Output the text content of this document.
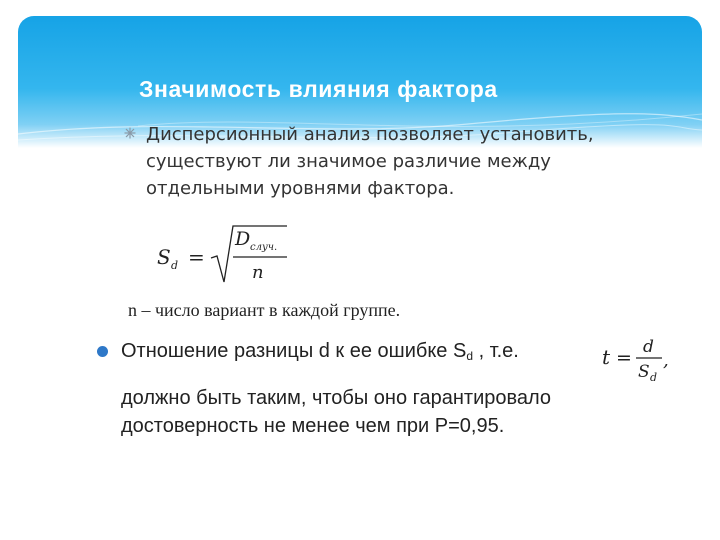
Значимость влияния фактора
Дисперсионный анализ позволяет установить, существуют ли значимое различие между отдельными уровнями фактора.
S d =
D случ.
n
n – число вариант в каждой группе.
Отношение разницы d к ее ошибке $S_d$ , т.е.	t = d
S d
,
должно быть таким, чтобы оно гарантировало достоверность не менее чем при P=0,95.
